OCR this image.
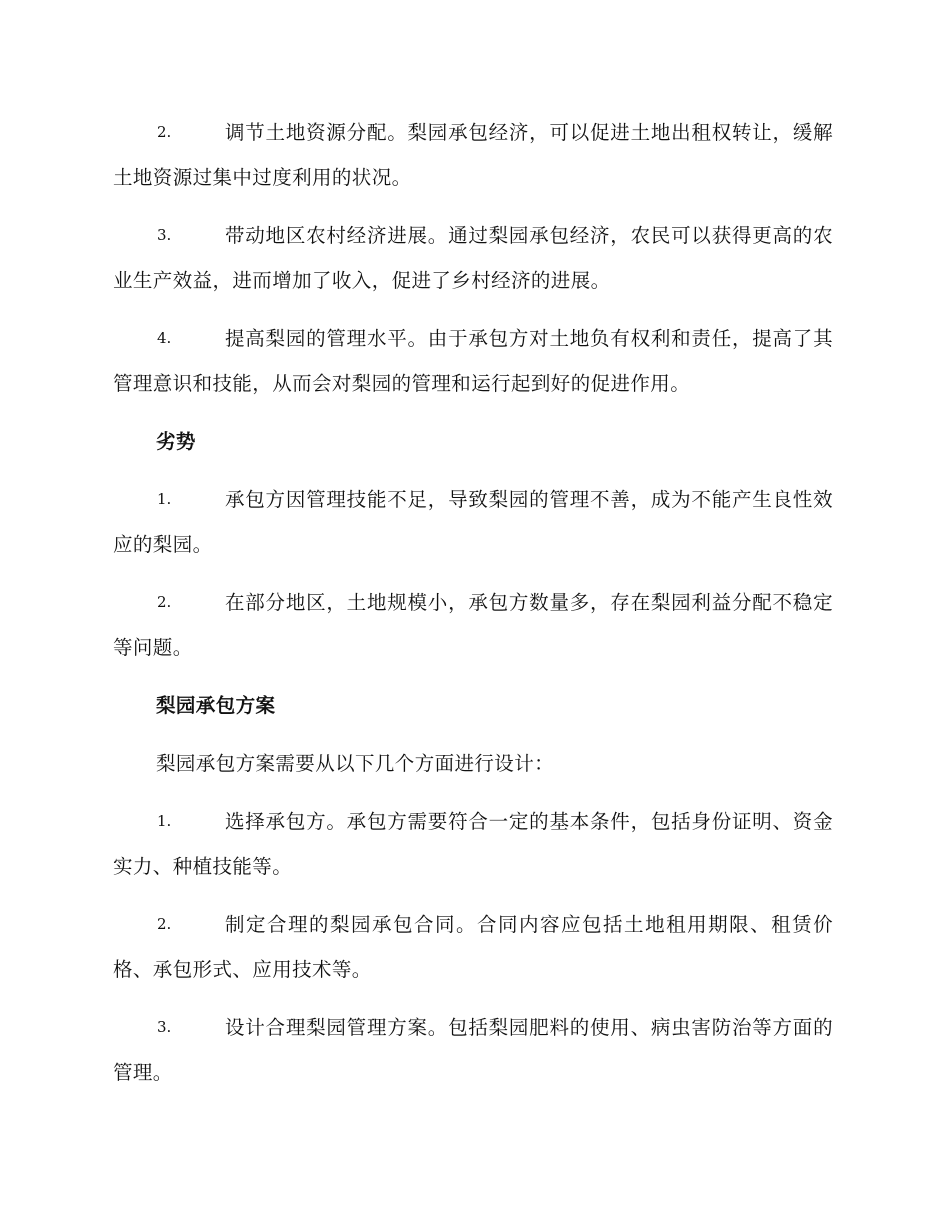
2.	调节土地资源分配。梨园承包经济，可以促进土地出租权转让，缓解土地资源过集中过度利用的状况。
3.	带动地区农村经济进展。通过梨园承包经济，农民可以获得更高的农业生产效益，进而增加了收入，促进了乡村经济的进展。
4.	提高梨园的管理水平。由于承包方对土地负有权利和责任，提高了其管理意识和技能，从而会对梨园的管理和运行起到好的促进作用。
劣势
1.	承包方因管理技能不足，导致梨园的管理不善，成为不能产生良性效应的梨园。
2.	在部分地区，土地规模小，承包方数量多，存在梨园利益分配不稳定等问题。
梨园承包方案
梨园承包方案需要从以下几个方面进行设计：
1.	选择承包方。承包方需要符合一定的基本条件，包括身份证明、资金实力、种植技能等。
2.	制定合理的梨园承包合同。合同内容应包括土地租用期限、租赁价格、承包形式、应用技术等。
3.	设计合理梨园管理方案。包括梨园肥料的使用、病虫害防治等方面的管理。
